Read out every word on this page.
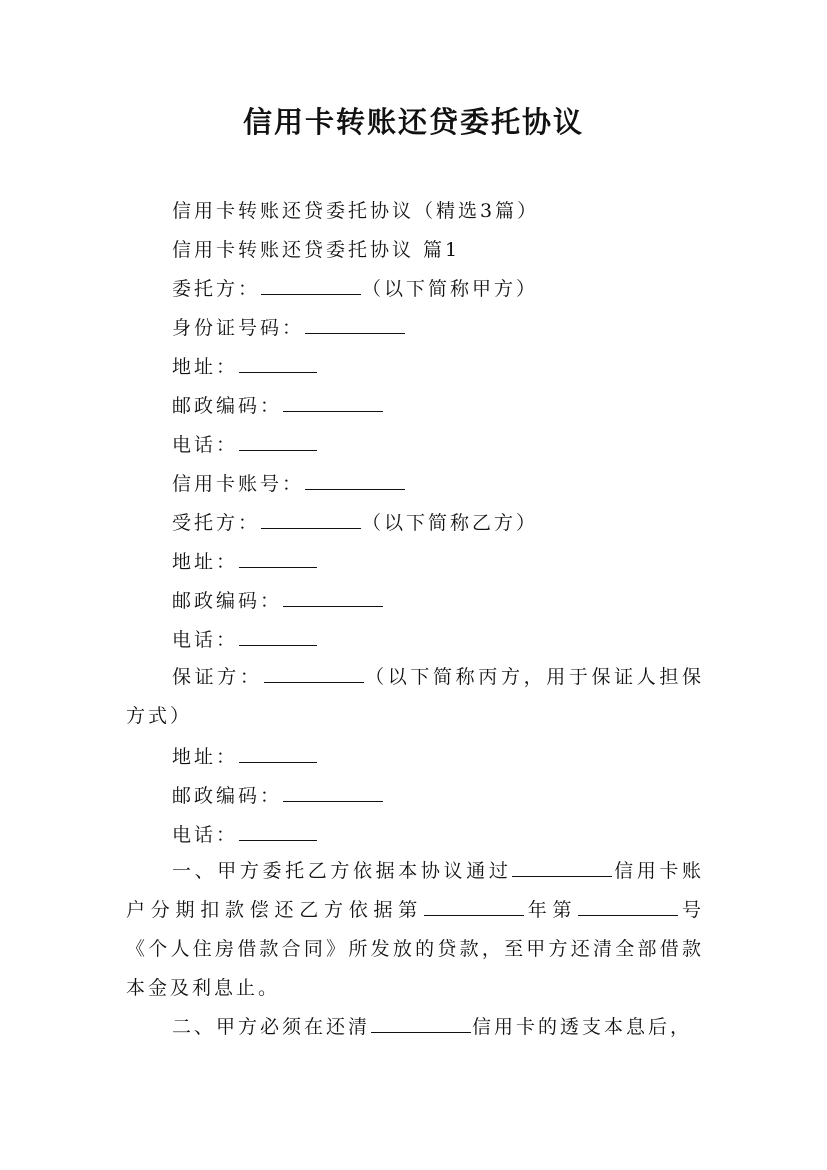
信用卡转账还贷委托协议
信用卡转账还贷委托协议（精选3篇）
信用卡转账还贷委托协议 篇1
委托方：	（以下简称甲方）
身份证号码：
地址：
邮政编码：
电话：
信用卡账号：
受托方：	（以下简称乙方）
地址：
邮政编码：
电话：
保证方：	（以下简称丙方，用于保证人担保方式）
地址：
邮政编码：
电话：
一、甲方委托乙方依据本协议通过	信用卡账户分期扣款偿还乙方依据第	年第	号《个人住房借款合同》所发放的贷款，至甲方还清全部借款本金及利息止。
二、甲方必须在还清	信用卡的透支本息后，
